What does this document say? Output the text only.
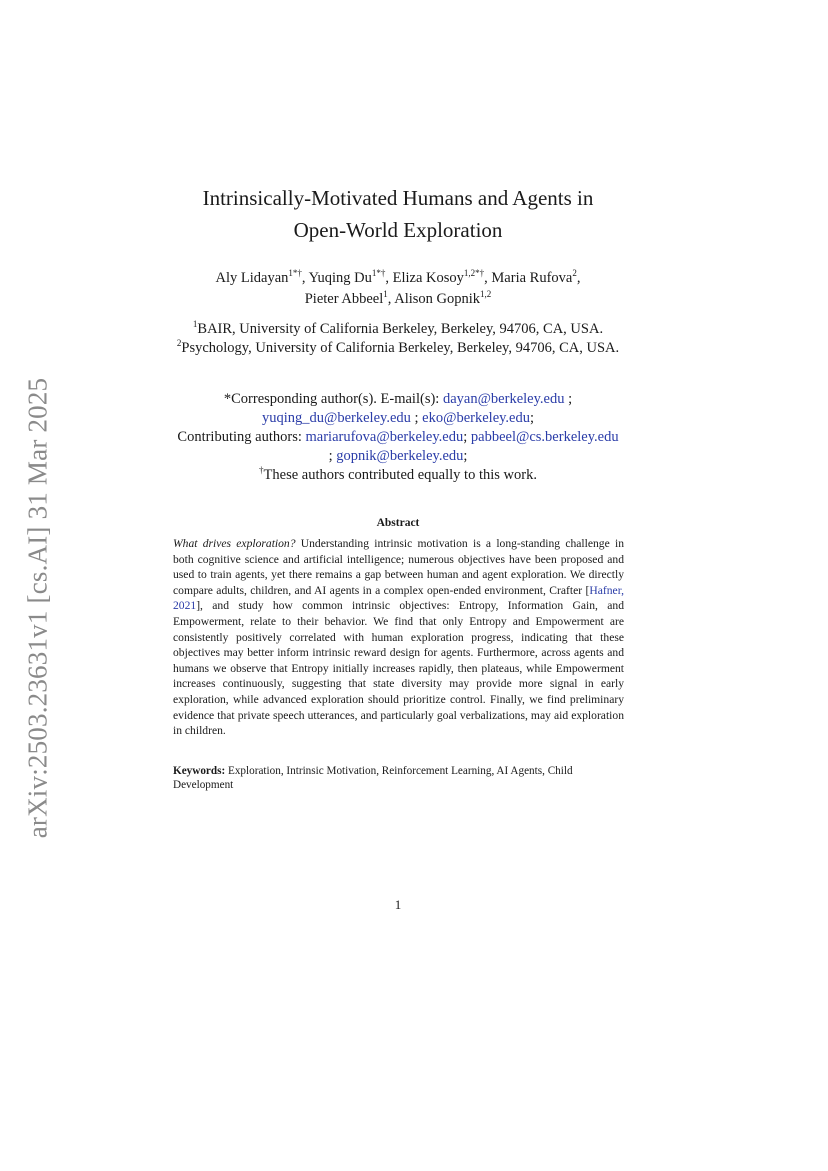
arXiv:2503.23631v1 [cs.AI] 31 Mar 2025
Intrinsically-Motivated Humans and Agents in
Open-World Exploration
Aly Lidayan$^{1*\dagger}$, Yuqing $Du^{1*\dagger}$, Eliza Kosoy$^{1,2*\dagger}$, Maria Rufova$^2$,
Pieter Abbeel$^1$, Alison Gopnik$^{1,2}$
$^1$BAIR, University of California Berkeley, Berkeley, 94706, CA, USA.
$^2$Psychology, University of California Berkeley, Berkeley, 94706, CA, USA.
*Corresponding author(s). E-mail(s): dayan@berkeley.edu ;
yuqing_du@berkeley.edu ; eko@berkeley.edu;
Contributing authors: mariarufova@berkeley.edu; pabbeel@cs.berkeley.edu
; gopnik@berkeley.edu;
†These authors contributed equally to this work.
Abstract
What drives exploration? Understanding intrinsic motivation is a long-standing challenge in both cognitive science and artificial intelligence; numerous objectives have been proposed and used to train agents, yet there remains a gap between human and agent exploration. We directly compare adults, children, and AI agents in a complex open-ended environment, Crafter [Hafner, 2021], and study how common intrinsic objectives: Entropy, Information Gain, and Empowerment, relate to their behavior. We find that only Entropy and Empowerment are consistently positively correlated with human exploration progress, indicating that these objectives may better inform intrinsic reward design for agents. Furthermore, across agents and humans we observe that Entropy initially increases rapidly, then plateaus, while Empowerment increases continuously, suggesting that state diversity may provide more signal in early exploration, while advanced exploration should prioritize control. Finally, we find preliminary evidence that private speech utterances, and particularly goal verbalizations, may aid exploration in children.
Keywords: Exploration, Intrinsic Motivation, Reinforcement Learning, AI Agents, Child Development
1
